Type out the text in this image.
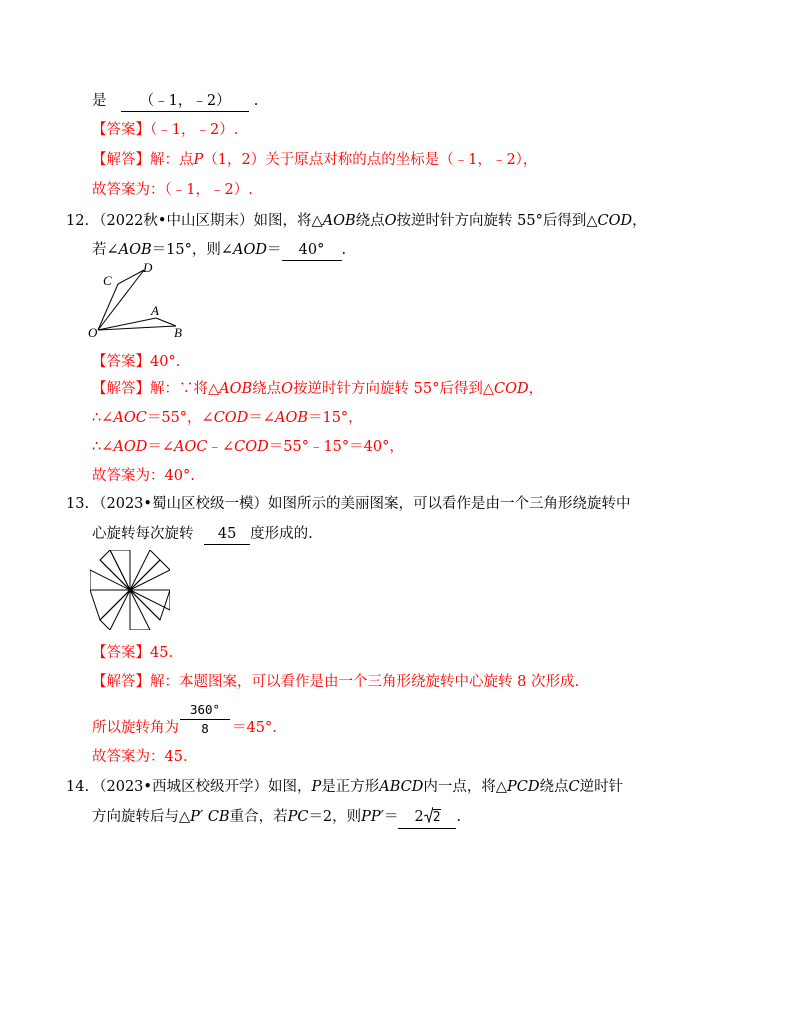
是 （﹣1，﹣2） .
【答案】（﹣1，﹣2）.
【解答】解：点P（1，2）关于原点对称的点的坐标是（﹣1，﹣2），
故答案为：（﹣1，﹣2）.
12. （2022秋•中山区期末）如图，将△AOB绕点O按逆时针方向旋转 55°后得到△COD，
若∠AOB＝15°，则∠AOD＝ 40° .
C
D
A
O	B
【答案】40°.
【解答】解：∵将△AOB绕点O按逆时针方向旋转 55°后得到△COD，
∴∠AOC＝55°，∠COD＝∠AOB＝15°，
∴∠AOD＝∠AOC﹣∠COD＝55°﹣15°＝40°，
故答案为：40°.
13. （2023•蜀山区校级一模）如图所示的美丽图案，可以看作是由一个三角形绕旋转中
心旋转每次旋转 45 度形成的.
【答案】45.
【解答】解：本题图案，可以看作是由一个三角形绕旋转中心旋转 8 次形成.
所以旋转角为
360°
8	＝45°.
故答案为：45.
14. （2023•西城区校级开学）如图，P是正方形ABCD内一点，将△PCD绕点C逆时针
方向旋转后与△P′ CB重合，若PC＝2，则PP′＝ 2 2 .
